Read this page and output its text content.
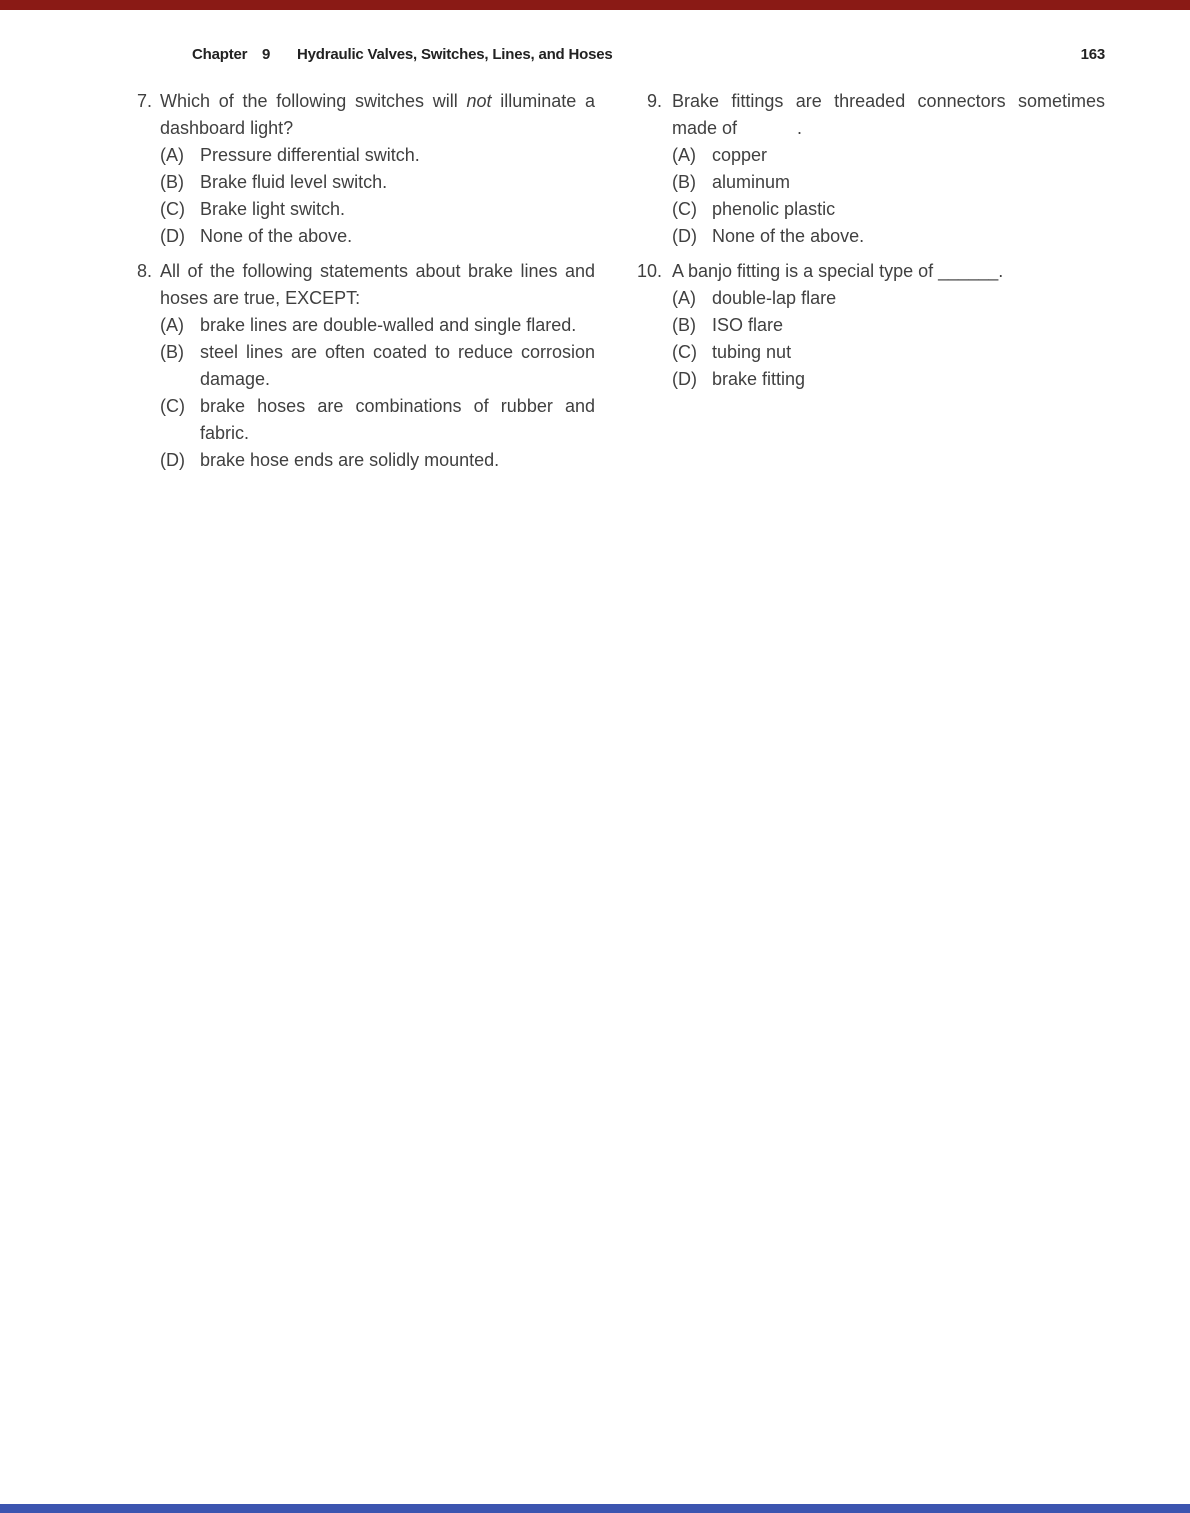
Chapter 9 Hydraulic Valves, Switches, Lines, and Hoses	163
7. Which of the following switches will not illuminate a
dashboard light?
(A) Pressure differential switch.
(B) Brake fluid level switch.
(C) Brake light switch.
(D) None of the above.
8. All of the following statements about brake lines and
hoses are true, EXCEPT:
(A) brake lines are double-walled and single flared.
(B) steel lines are often coated to reduce corrosion
damage.
(C) brake hoses are combinations of rubber and
fabric.
(D) brake hose ends are solidly mounted.
9. Brake fittings are threaded connectors sometimes
made of	.
(A) copper
(B) aluminum
(C) phenolic plastic
(D) None of the above.
10. A banjo fitting is a special type of ______.
(A) double-lap flare
(B) ISO flare
(C) tubing nut
(D) brake fitting
